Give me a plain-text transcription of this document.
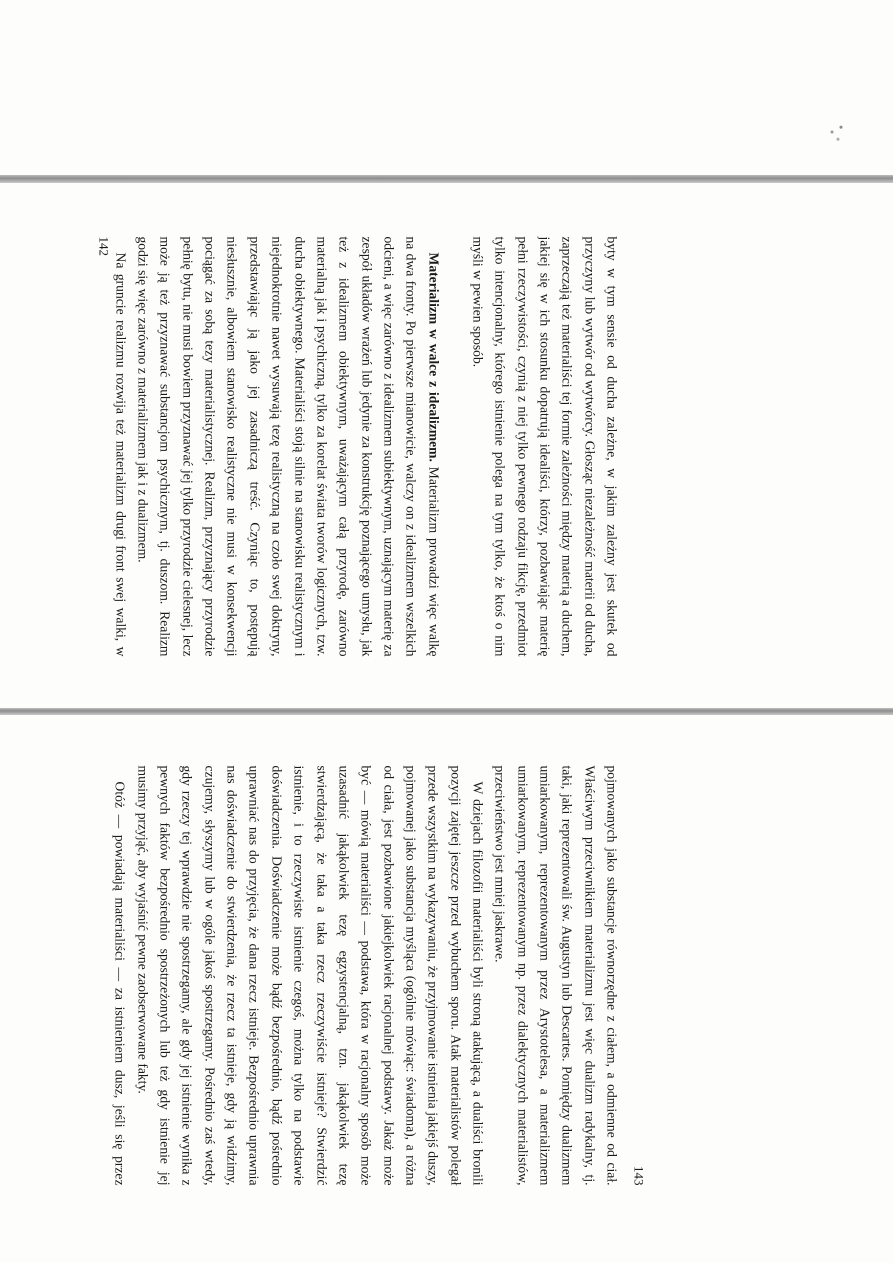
byty w tym sensie od ducha zależne, w jakim zależny jest skutek od przyczyny lub wytwór od wytwórcy. Głosząc niezależność materii od ducha, zaprzeczają też materialiści tej formie zależności między materią a duchem, jakiej się w ich stosunku dopatrują idealiści, którzy, pozbawiając materię pełni rzeczywistości, czynią z niej tylko pewnego rodzaju fikcję, przedmiot tylko intencjonalny, którego istnienie polega na tym tylko, że ktoś o nim myśli w pewien sposób.

Materializm w walce z idealizmem. Materializm prowadzi więc walkę na dwa fronty. Po pierwsze mianowicie, walczy on z idealizmem wszelkich odcieni, a więc zarówno z idealizmem subiektywnym, uznającym materię za zespół układów wrażeń lub jedynie za konstrukcję poznającego umysłu, jak też z idealizmem obiektywnym, uważającym całą przyrodę, zarówno materialną jak i psychiczną, tylko za korelat świata tworów logicznych, tzw. ducha obiektywnego. Materialiści stoją silnie na stanowisku realistycznym i niejednokrotnie nawet wysuwają tezę realistyczną na czoło swej doktryny, przedstawiając ją jako jej zasadniczą treść. Czyniąc to, postępują niesłusznie, albowiem stanowisko realistyczne nie musi w konsekwencji pociągać za sobą tezy materialistycznej. Realizm, przyznający przyrodzie pełnię bytu, nie musi bowiem przyznawać jej tylko przyrodzie cielesnej, lecz może ją też przyznawać substancjom psychicznym, tj. duszom. Realizm godzi się więc zarówno z materializmem jak i z dualizmem.

Na gruncie realizmu rozwija też materializm drugi front swej walki, w

142
143

pojmowanych jako substancje równorzędne z ciałem, a odmienne od ciał. Właściwym przeciwnikiem materializmu jest więc dualizm radykalny, tj. taki, jaki reprezentowali św. Augustyn lub Descartes. Pomiędzy dualizmem umiarkowanym, reprezentowanym przez Arystotelesa, a materializmem umiarkowanym, reprezentowanym np. przez dialektycznych materialistów, przeciwieństwo jest mniej jaskrawe.

W dziejach filozofii materialiści byli stroną atakującą, a dualiści bronili pozycji zajętej jeszcze przed wybuchem sporu. Atak materialistów polegał przede wszystkim na wykazywaniu, że przyjmowanie istnienia jakiejś duszy, pojmowanej jako substancja myśląca (ogólnie mówiąc: świadoma), a różna od ciała, jest pozbawione jakiejkolwiek racjonalnej podstawy. Jakaż może być — mówią materialiści — podstawa, która w racjonalny sposób może uzasadnić jakąkolwiek tezę egzystencjalną, tzn. jakąkolwiek tezę stwierdzającą, że taka a taka rzecz rzeczywiście istnieje? Stwierdzić istnienie, i to rzeczywiste istnienie czegoś, można tylko na podstawie doświadczenia. Doświadczenie może bądź bezpośrednio, bądź pośrednio uprawniać nas do przyjęcia, że dana rzecz istnieje. Bezpośrednio uprawnia nas doświadczenie do stwierdzenia, że rzecz ta istnieje, gdy ją widzimy, czujemy, słyszymy lub w ogóle jakoś spostrzegamy. Pośrednio zaś wtedy, gdy rzeczy tej wprawdzie nie spostrzegamy, ale gdy jej istnienie wynika z pewnych faktów bezpośrednio spostrzeżonych lub też gdy istnienie jej musimy przyjąć, aby wyjaśnić pewne zaobserwowane fakty.

Otóż — powiadają materialiści — za istnieniem dusz, jeśli się przez
